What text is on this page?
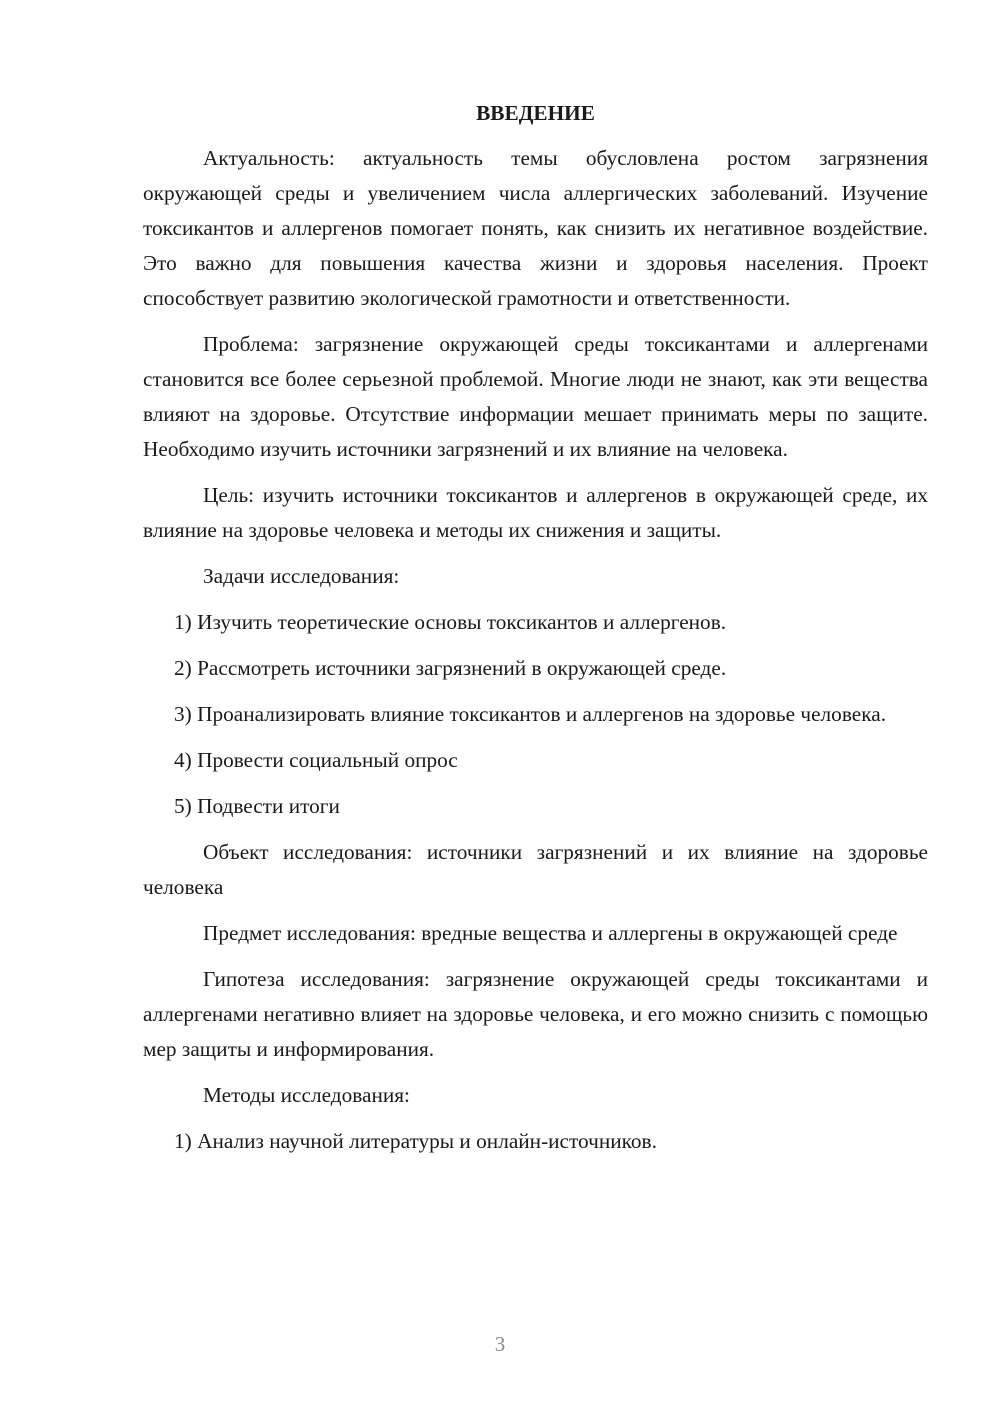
ВВЕДЕНИЕ

Актуальность: актуальность темы обусловлена ростом загрязнения окружающей среды и увеличением числа аллергических заболеваний. Изучение токсикантов и аллергенов помогает понять, как снизить их негативное воздействие. Это важно для повышения качества жизни и здоровья населения. Проект способствует развитию экологической грамотности и ответственности.

Проблема: загрязнение окружающей среды токсикантами и аллергенами становится все более серьезной проблемой. Многие люди не знают, как эти вещества влияют на здоровье. Отсутствие информации мешает принимать меры по защите. Необходимо изучить источники загрязнений и их влияние на человека.

Цель: изучить источники токсикантов и аллергенов в окружающей среде, их влияние на здоровье человека и методы их снижения и защиты.

Задачи исследования:

1) Изучить теоретические основы токсикантов и аллергенов.

2) Рассмотреть источники загрязнений в окружающей среде.

3) Проанализировать влияние токсикантов и аллергенов на здоровье человека.

4) Провести социальный опрос

5) Подвести итоги

Объект исследования: источники загрязнений и их влияние на здоровье человека

Предмет исследования: вредные вещества и аллергены в окружающей среде

Гипотеза исследования: загрязнение окружающей среды токсикантами и аллергенами негативно влияет на здоровье человека, и его можно снизить с помощью мер защиты и информирования.

Методы исследования:

1) Анализ научной литературы и онлайн-источников.

3
